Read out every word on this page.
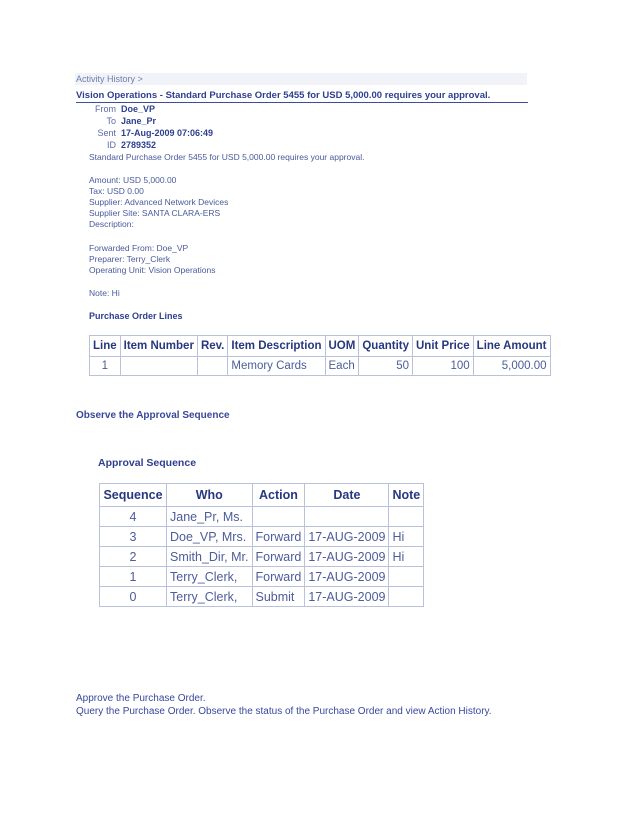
Activity History >
Vision Operations - Standard Purchase Order 5455 for USD 5,000.00 requires your approval.
From Doe_VP
To Jane_Pr
Sent 17-Aug-2009 07:06:49
ID 2789352
Standard Purchase Order 5455 for USD 5,000.00 requires your approval.
Amount: USD 5,000.00
Tax: USD 0.00
Supplier: Advanced Network Devices
Supplier Site: SANTA CLARA-ERS
Description:
Forwarded From: Doe_VP
Preparer: Terry_Clerk
Operating Unit: Vision Operations
Note: Hi
Purchase Order Lines
Line	Item Number	Rev.	Item Description	UOM	Quantity	Unit Price	Line Amount
1			Memory Cards	Each	50	100	5,000.00
Observe the Approval Sequence
Approval Sequence
Sequence	Who	Action	Date	Note
4	Jane_Pr, Ms.			
3	Doe_VP, Mrs.	Forward	17-AUG-2009	Hi
2	Smith_Dir, Mr.	Forward	17-AUG-2009	Hi
1	Terry_Clerk,	Forward	17-AUG-2009	
0	Terry_Clerk,	Submit	17-AUG-2009	
Approve the Purchase Order.
Query the Purchase Order. Observe the status of the Purchase Order and view Action History.
